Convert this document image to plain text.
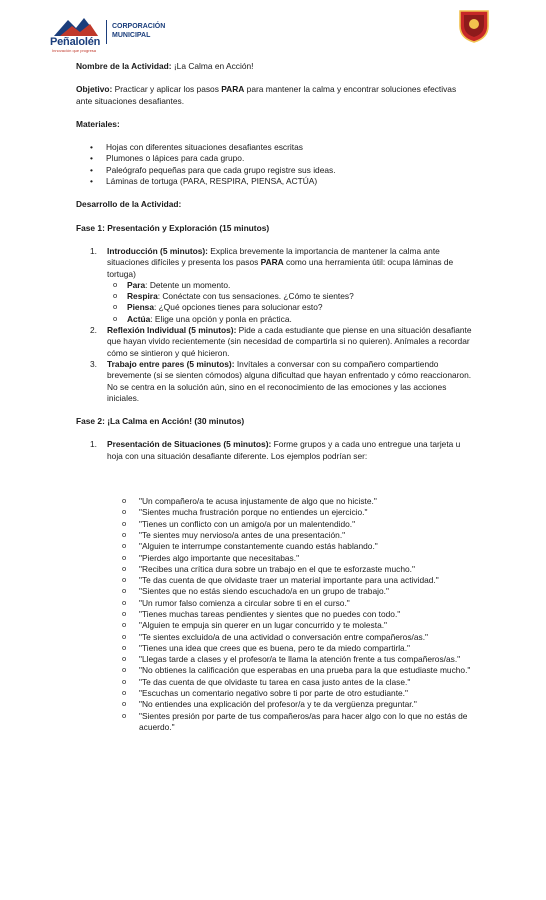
Peñalolén
Innovación que progresa
CORPORACIÓN
MUNICIPAL

Nombre de la Actividad: ¡La Calma en Acción!

Objetivo: Practicar y aplicar los pasos PARA para mantener la calma y encontrar soluciones efectivas ante situaciones desafiantes.

Materiales:

• Hojas con diferentes situaciones desafiantes escritas
• Plumones o lápices para cada grupo.
• Paleógrafo pequeñas para que cada grupo registre sus ideas.
• Láminas de tortuga (PARA, RESPIRA, PIENSA, ACTÚA)

Desarrollo de la Actividad:

Fase 1: Presentación y Exploración (15 minutos)

1. Introducción (5 minutos): Explica brevemente la importancia de mantener la calma ante situaciones difíciles y presenta los pasos PARA como una herramienta útil: ocupa láminas de tortuga)
o Para: Detente un momento.
o Respira: Conéctate con tus sensaciones. ¿Cómo te sientes?
o Piensa: ¿Qué opciones tienes para solucionar esto?
o Actúa: Elige una opción y ponla en práctica.
2. Reflexión Individual (5 minutos): Pide a cada estudiante que piense en una situación desafiante que hayan vivido recientemente (sin necesidad de compartirla si no quieren). Anímales a recordar cómo se sintieron y qué hicieron.
3. Trabajo entre pares (5 minutos): Invítales a conversar con su compañero compartiendo brevemente (si se sienten cómodos) alguna dificultad que hayan enfrentado y cómo reaccionaron. No se centra en la solución aún, sino en el reconocimiento de las emociones y las acciones iniciales.

Fase 2: ¡La Calma en Acción! (30 minutos)

1. Presentación de Situaciones (5 minutos): Forme grupos y a cada uno entregue una tarjeta u hoja con una situación desafiante diferente. Los ejemplos podrían ser:
o "Un compañero/a te acusa injustamente de algo que no hiciste."
o "Sientes mucha frustración porque no entiendes un ejercicio."
o "Tienes un conflicto con un amigo/a por un malentendido."
o "Te sientes muy nervioso/a antes de una presentación."
o "Alguien te interrumpe constantemente cuando estás hablando."
o "Pierdes algo importante que necesitabas."
o "Recibes una crítica dura sobre un trabajo en el que te esforzaste mucho."
o "Te das cuenta de que olvidaste traer un material importante para una actividad."
o "Sientes que no estás siendo escuchado/a en un grupo de trabajo."
o "Un rumor falso comienza a circular sobre ti en el curso."
o "Tienes muchas tareas pendientes y sientes que no puedes con todo."
o "Alguien te empuja sin querer en un lugar concurrido y te molesta."
o "Te sientes excluido/a de una actividad o conversación entre compañeros/as."
o "Tienes una idea que crees que es buena, pero te da miedo compartirla."
o "Llegas tarde a clases y el profesor/a te llama la atención frente a tus compañeros/as."
o "No obtienes la calificación que esperabas en una prueba para la que estudiaste mucho."
o "Te das cuenta de que olvidaste tu tarea en casa justo antes de la clase."
o "Escuchas un comentario negativo sobre ti por parte de otro estudiante."
o "No entiendes una explicación del profesor/a y te da vergüenza preguntar."
o "Sientes presión por parte de tus compañeros/as para hacer algo con lo que no estás de acuerdo."
